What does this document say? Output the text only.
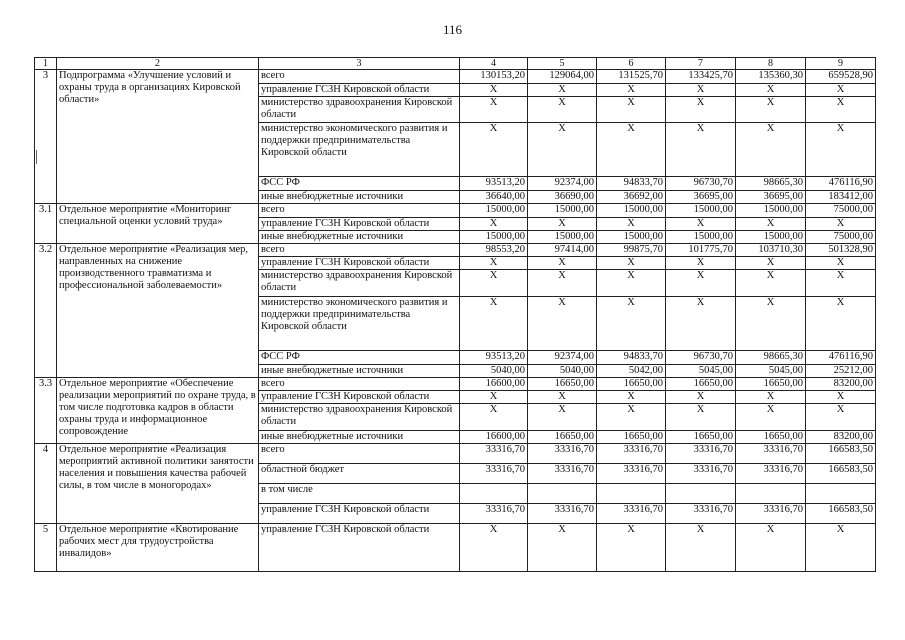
116
1	2	3	4	5	6	7	8	9
3	Подпрограмма «Улучшение условий и охраны труда в организациях Кировской области»	всего	130153,20	129064,00	131525,70	133425,70	135360,30	659528,90
		управление ГСЗН Кировской области	X	X	X	X	X	X
		министерство здравоохранения Кировской области	X	X	X	X	X	X
		министерство экономического развития и поддержки предпринимательства Кировской области	X	X	X	X	X	X
		ФСС РФ	93513,20	92374,00	94833,70	96730,70	98665,30	476116,90
		иные внебюджетные источники	36640,00	36690,00	36692,00	36695,00	36695,00	183412,00
3.1	Отдельное мероприятие «Мониторинг специальной оценки условий труда»	всего	15000,00	15000,00	15000,00	15000,00	15000,00	75000,00
		управление ГСЗН Кировской области	X	X	X	X	X	X
		иные внебюджетные источники	15000,00	15000,00	15000,00	15000,00	15000,00	75000,00
3.2	Отдельное мероприятие «Реализация мер, направленных на снижение производственного травматизма и профессиональной заболеваемости»	всего	98553,20	97414,00	99875,70	101775,70	103710,30	501328,90
		управление ГСЗН Кировской области	X	X	X	X	X	X
		министерство здравоохранения Кировской области	X	X	X	X	X	X
		министерство экономического развития и поддержки предпринимательства Кировской области	X	X	X	X	X	X
		ФСС РФ	93513,20	92374,00	94833,70	96730,70	98665,30	476116,90
		иные внебюджетные источники	5040,00	5040,00	5042,00	5045,00	5045,00	25212,00
3.3	Отдельное мероприятие «Обеспечение реализации мероприятий по охране труда, в том числе подготовка кадров в области охраны труда и информационное сопровождение	всего	16600,00	16650,00	16650,00	16650,00	16650,00	83200,00
		управление ГСЗН Кировской области	X	X	X	X	X	X
		министерство здравоохранения Кировской области	X	X	X	X	X	X
		иные внебюджетные источники	16600,00	16650,00	16650,00	16650,00	16650,00	83200,00
4	Отдельное мероприятие «Реализация мероприятий активной политики занятости населения и повышения качества рабочей силы, в том числе в моногородах»	всего	33316,70	33316,70	33316,70	33316,70	33316,70	166583,50
		областной бюджет	33316,70	33316,70	33316,70	33316,70	33316,70	166583,50
		в том числе						
		управление ГСЗН Кировской области	33316,70	33316,70	33316,70	33316,70	33316,70	166583,50
5	Отдельное мероприятие «Квотирование рабочих мест для трудоустройства инвалидов»	управление ГСЗН Кировской области	X	X	X	X	X	X
